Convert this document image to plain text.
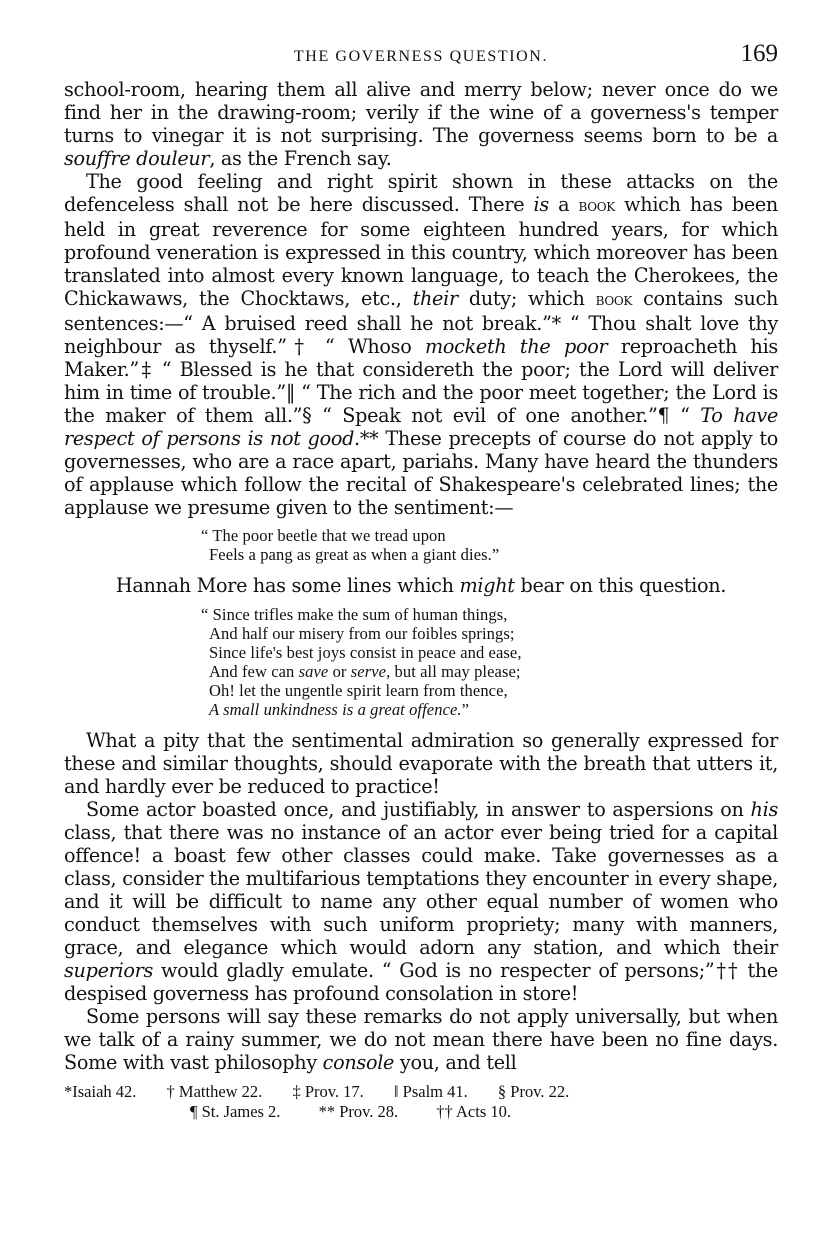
THE GOVERNESS QUESTION.	169

school-room, hearing them all alive and merry below; never once do we find her in the drawing-room; verily if the wine of a governess's temper turns to vinegar it is not surprising. The governess seems born to be a souffre douleur, as the French say.

The good feeling and right spirit shown in these attacks on the defenceless shall not be here discussed. There is a book which has been held in great reverence for some eighteen hundred years, for which profound veneration is expressed in this country, which moreover has been translated into almost every known language, to teach the Cherokees, the Chickawaws, the Chocktaws, etc., their duty; which book contains such sentences:—“ A bruised reed shall he not break.”* “ Thou shalt love thy neighbour as thyself.”† “ Whoso mocketh the poor reproacheth his Maker.”‡ “ Blessed is he that considereth the poor; the Lord will deliver him in time of trouble.”‖ “ The rich and the poor meet together; the Lord is the maker of them all.”§ “ Speak not evil of one another.”¶ “ To have respect of persons is not good.** These precepts of course do not apply to governesses, who are a race apart, pariahs. Many have heard the thunders of applause which follow the recital of Shakespeare's celebrated lines; the applause we presume given to the sentiment:—

“ The poor beetle that we tread upon
Feels a pang as great as when a giant dies.”

Hannah More has some lines which might bear on this question.

“ Since trifles make the sum of human things,
And half our misery from our foibles springs;
Since life's best joys consist in peace and ease,
And few can save or serve, but all may please;
Oh! let the ungentle spirit learn from thence,
A small unkindness is a great offence.”

What a pity that the sentimental admiration so generally expressed for these and similar thoughts, should evaporate with the breath that utters it, and hardly ever be reduced to practice!

Some actor boasted once, and justifiably, in answer to aspersions on his class, that there was no instance of an actor ever being tried for a capital offence! a boast few other classes could make. Take governesses as a class, consider the multifarious temptations they encounter in every shape, and it will be difficult to name any other equal number of women who conduct themselves with such uniform propriety; many with manners, grace, and elegance which would adorn any station, and which their superiors would gladly emulate. “ God is no respecter of persons;”†† the despised governess has profound consolation in store!

Some persons will say these remarks do not apply universally, but when we talk of a rainy summer, we do not mean there have been no fine days. Some with vast philosophy console you, and tell

*Isaiah 42. † Matthew 22. ‡ Prov. 17. ‖ Psalm 41. § Prov. 22.
¶ St. James 2. ** Prov. 28. †† Acts 10.
